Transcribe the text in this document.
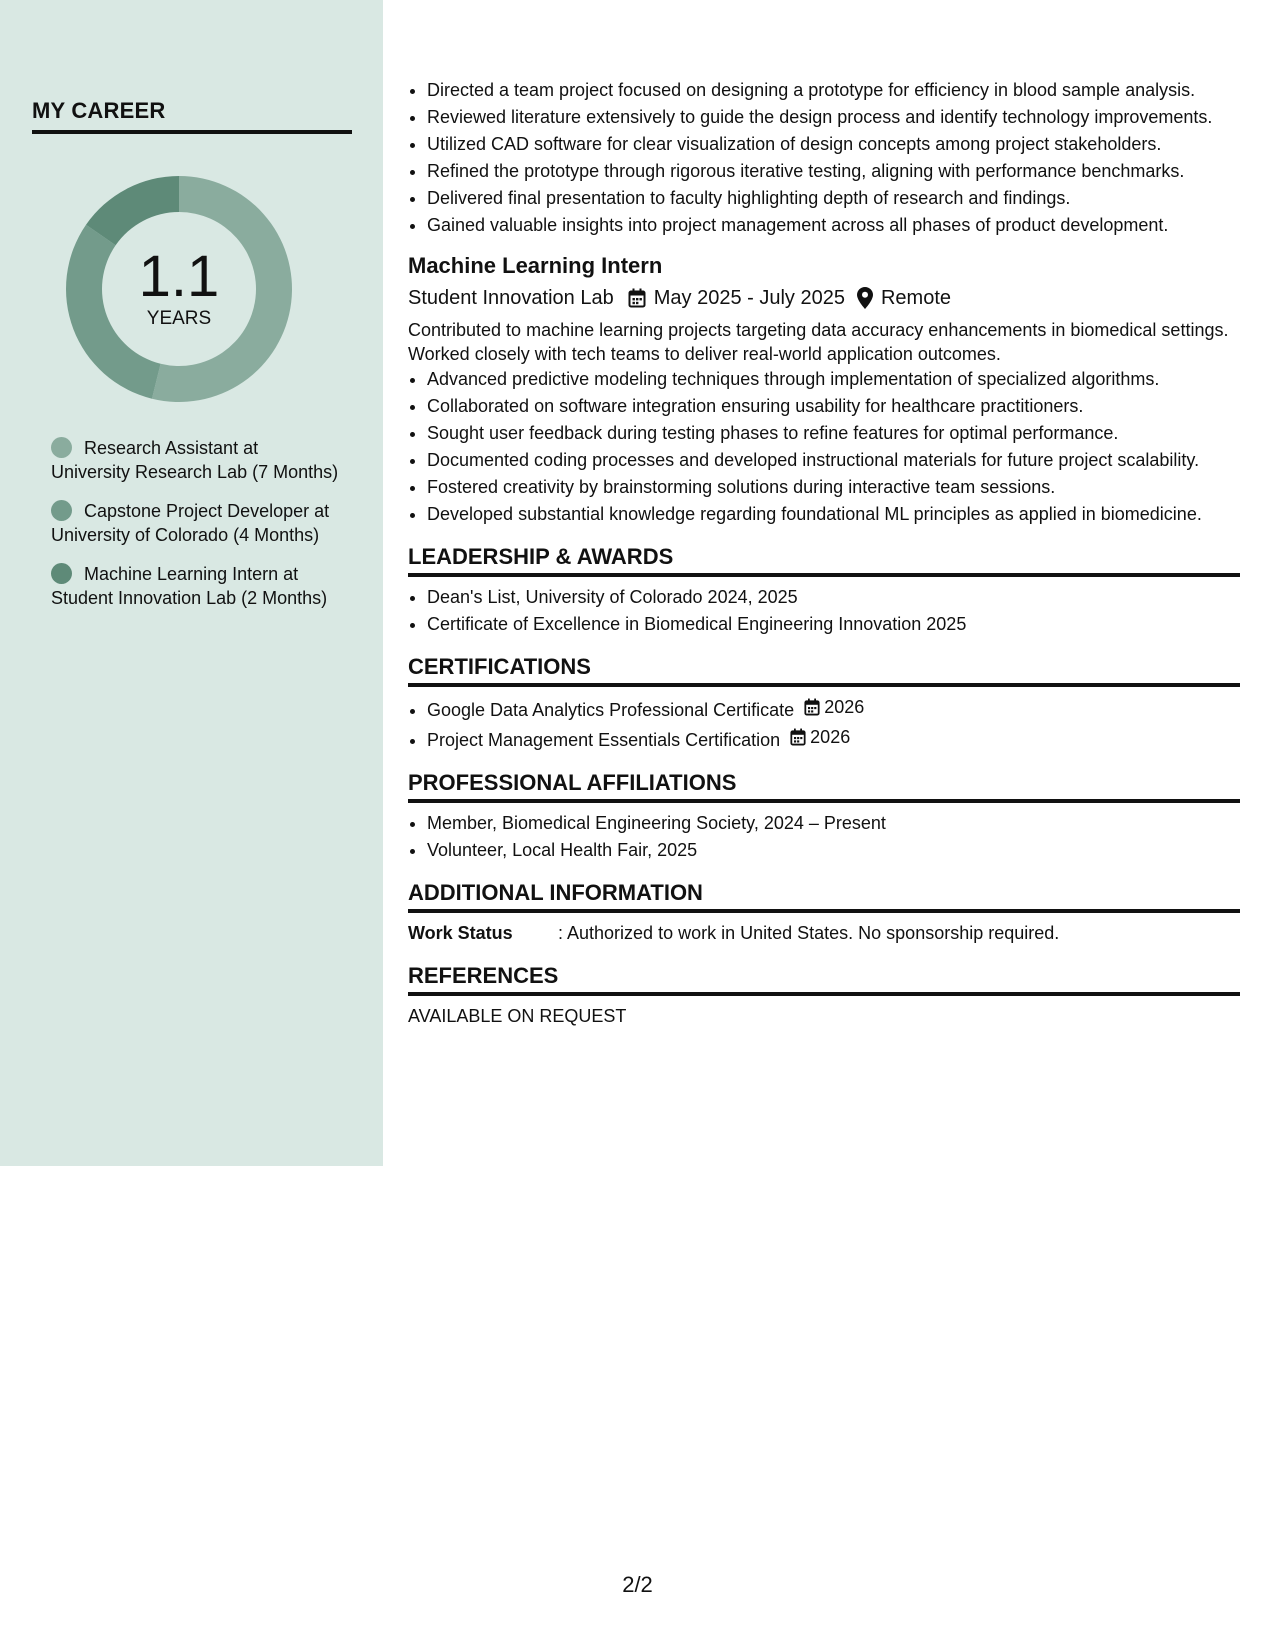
MY CAREER
1.1
YEARS
Research Assistant at University Research Lab (7 Months)
Capstone Project Developer at University of Colorado (4 Months)
Machine Learning Intern at Student Innovation Lab (2 Months)
• Directed a team project focused on designing a prototype for efficiency in blood sample analysis.
• Reviewed literature extensively to guide the design process and identify technology improvements.
• Utilized CAD software for clear visualization of design concepts among project stakeholders.
• Refined the prototype through rigorous iterative testing, aligning with performance benchmarks.
• Delivered final presentation to faculty highlighting depth of research and findings.
• Gained valuable insights into project management across all phases of product development.
Machine Learning Intern
Student Innovation Lab May 2025 - July 2025 Remote
Contributed to machine learning projects targeting data accuracy enhancements in biomedical settings. Worked closely with tech teams to deliver real-world application outcomes.
• Advanced predictive modeling techniques through implementation of specialized algorithms.
• Collaborated on software integration ensuring usability for healthcare practitioners.
• Sought user feedback during testing phases to refine features for optimal performance.
• Documented coding processes and developed instructional materials for future project scalability.
• Fostered creativity by brainstorming solutions during interactive team sessions.
• Developed substantial knowledge regarding foundational ML principles as applied in biomedicine.
LEADERSHIP & AWARDS
• Dean's List, University of Colorado 2024, 2025
• Certificate of Excellence in Biomedical Engineering Innovation 2025
CERTIFICATIONS
• Google Data Analytics Professional Certificate 2026
• Project Management Essentials Certification 2026
PROFESSIONAL AFFILIATIONS
• Member, Biomedical Engineering Society, 2024 – Present
• Volunteer, Local Health Fair, 2025
ADDITIONAL INFORMATION
Work Status	: Authorized to work in United States. No sponsorship required.
REFERENCES
AVAILABLE ON REQUEST
2/2
